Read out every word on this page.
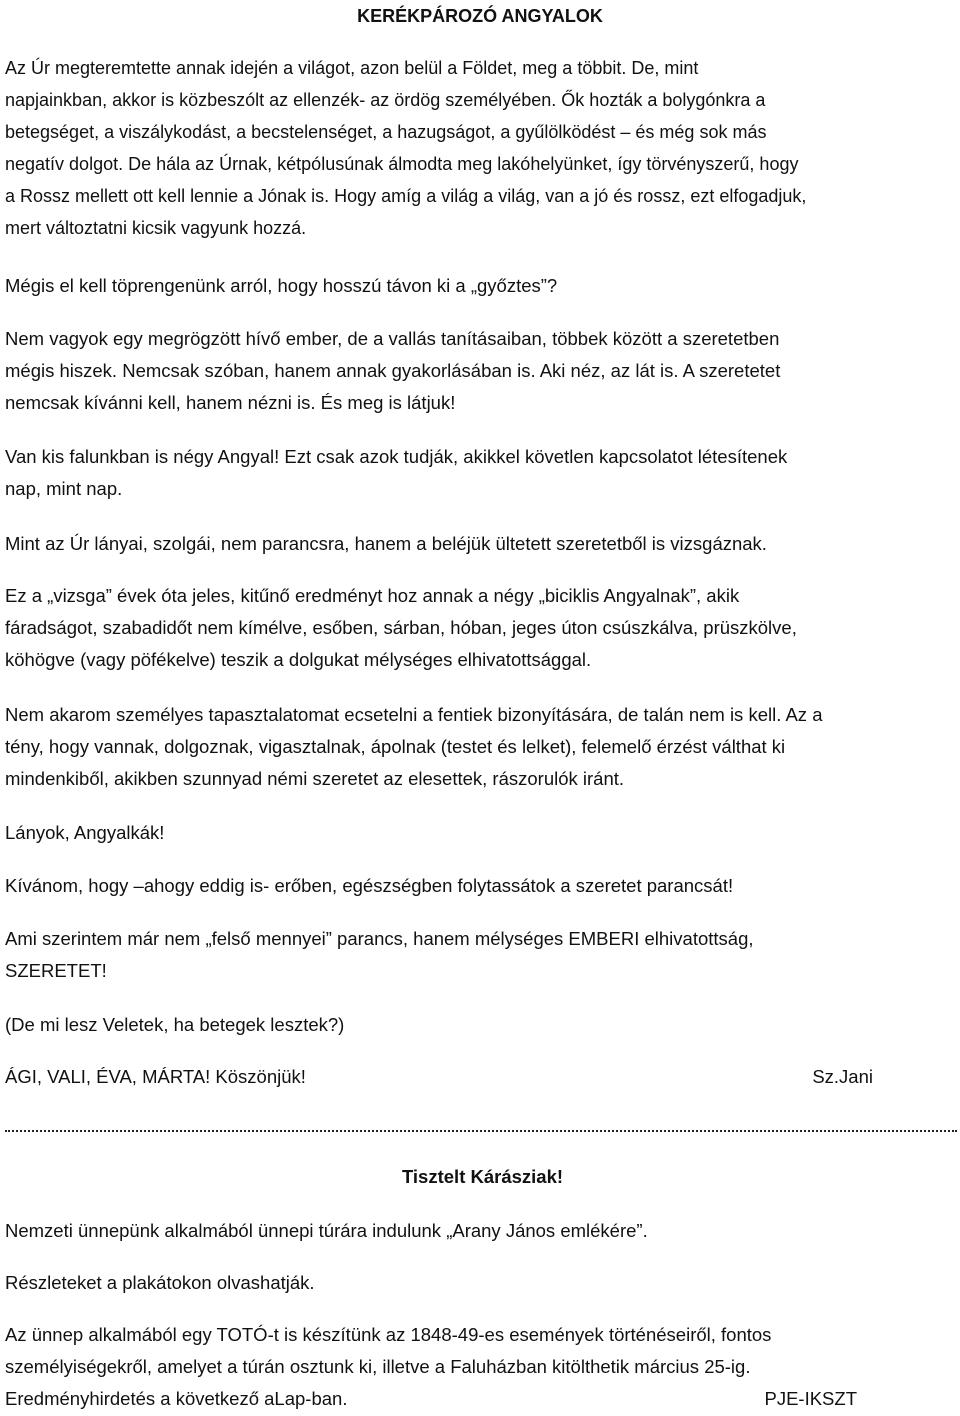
KERÉKPÁROZÓ ANGYALOK
Az Úr megteremtette annak idején a világot, azon belül a Földet, meg a többit. De, mint
napjainkban, akkor is közbeszólt az ellenzék- az ördög személyében. Ők hozták a bolygónkra a
betegséget, a viszálykodást, a becstelenséget, a hazugságot, a gyűlölködést – és még sok más
negatív dolgot. De hála az Úrnak, kétpólusúnak álmodta meg lakóhelyünket, így törvényszerű, hogy
a Rossz mellett ott kell lennie a Jónak is. Hogy amíg a világ a világ, van a jó és rossz, ezt elfogadjuk,
mert változtatni kicsik vagyunk hozzá.

Mégis el kell töprengenünk arról, hogy hosszú távon ki a „győztes”?

Nem vagyok egy megrögzött hívő ember, de a vallás tanításaiban, többek között a szeretetben
mégis hiszek. Nemcsak szóban, hanem annak gyakorlásában is. Aki néz, az lát is. A szeretetet
nemcsak kívánni kell, hanem nézni is. És meg is látjuk!
Van kis falunkban is négy Angyal! Ezt csak azok tudják, akikkel követlen kapcsolatot létesítenek
nap, mint nap.

Mint az Úr lányai, szolgái, nem parancsra, hanem a beléjük ültetett szeretetből is vizsgáznak.

Ez a „vizsga” évek óta jeles, kitűnő eredményt hoz annak a négy „biciklis Angyalnak”, akik
fáradságot, szabadidőt nem kímélve, esőben, sárban, hóban, jeges úton csúszkálva, prüszkölve,
köhögve (vagy pöfékelve) teszik a dolgukat mélységes elhivatottsággal.
Nem akarom személyes tapasztalatomat ecsetelni a fentiek bizonyítására, de talán nem is kell. Az a
tény, hogy vannak, dolgoznak, vigasztalnak, ápolnak (testet és lelket), felemelő érzést válthat ki
mindenkiből, akikben szunnyad némi szeretet az elesettek, rászorulók iránt.

Lányok, Angyalkák!

Kívánom, hogy –ahogy eddig is- erőben, egészségben folytassátok a szeretet parancsát!

Ami szerintem már nem „felső mennyei” parancs, hanem mélységes EMBERI elhivatottság,
SZERETET!

(De mi lesz Veletek, ha betegek lesztek?)

ÁGI, VALI, ÉVA, MÁRTA! Köszönjük!	Sz.Jani
Tisztelt Kárásziak!

Nemzeti ünnepünk alkalmából ünnepi túrára indulunk „Arany János emlékére”.

Részleteket a plakátokon olvashatják.

Az ünnep alkalmából egy TOTÓ-t is készítünk az 1848-49-es események történéseiről, fontos
személyiségekről, amelyet a túrán osztunk ki, illetve a Faluházban kitölthetik március 25-ig.
Eredményhirdetés a következő aLap-ban.	PJE-IKSZT
